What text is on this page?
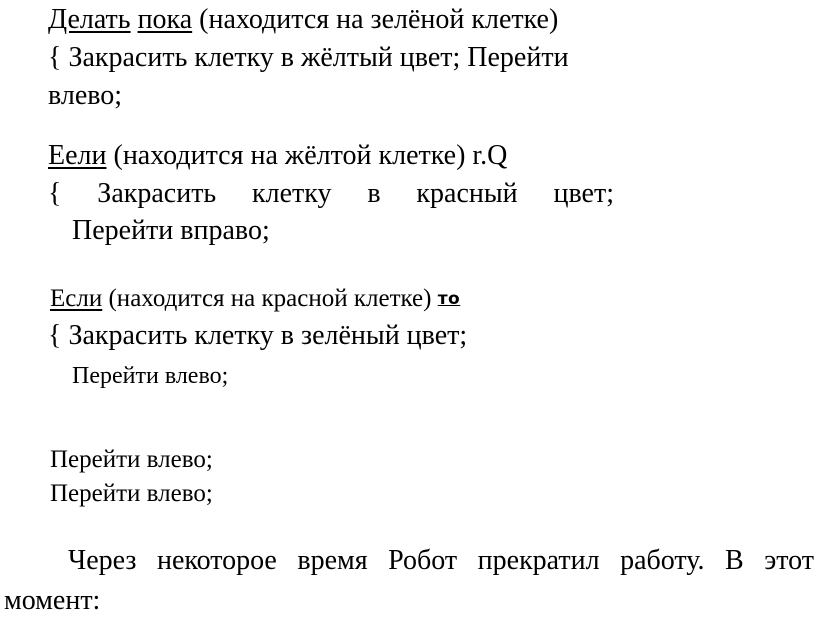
Делать пока (находится на зелёной клетке)
{ Закрасить клетку в жёлтый цвет; Перейти
влево;
Еели (находится на жёлтой клетке) r.Q
{ Закрасить клетку в красный цвет;
Перейти вправо;
Если (находится на красной клетке) то
{ Закрасить клетку в зелёный цвет;
Перейти влево;
Перейти влево;
Перейти влево;
Через некоторое время Робот прекратил работу. В этот
момент:
